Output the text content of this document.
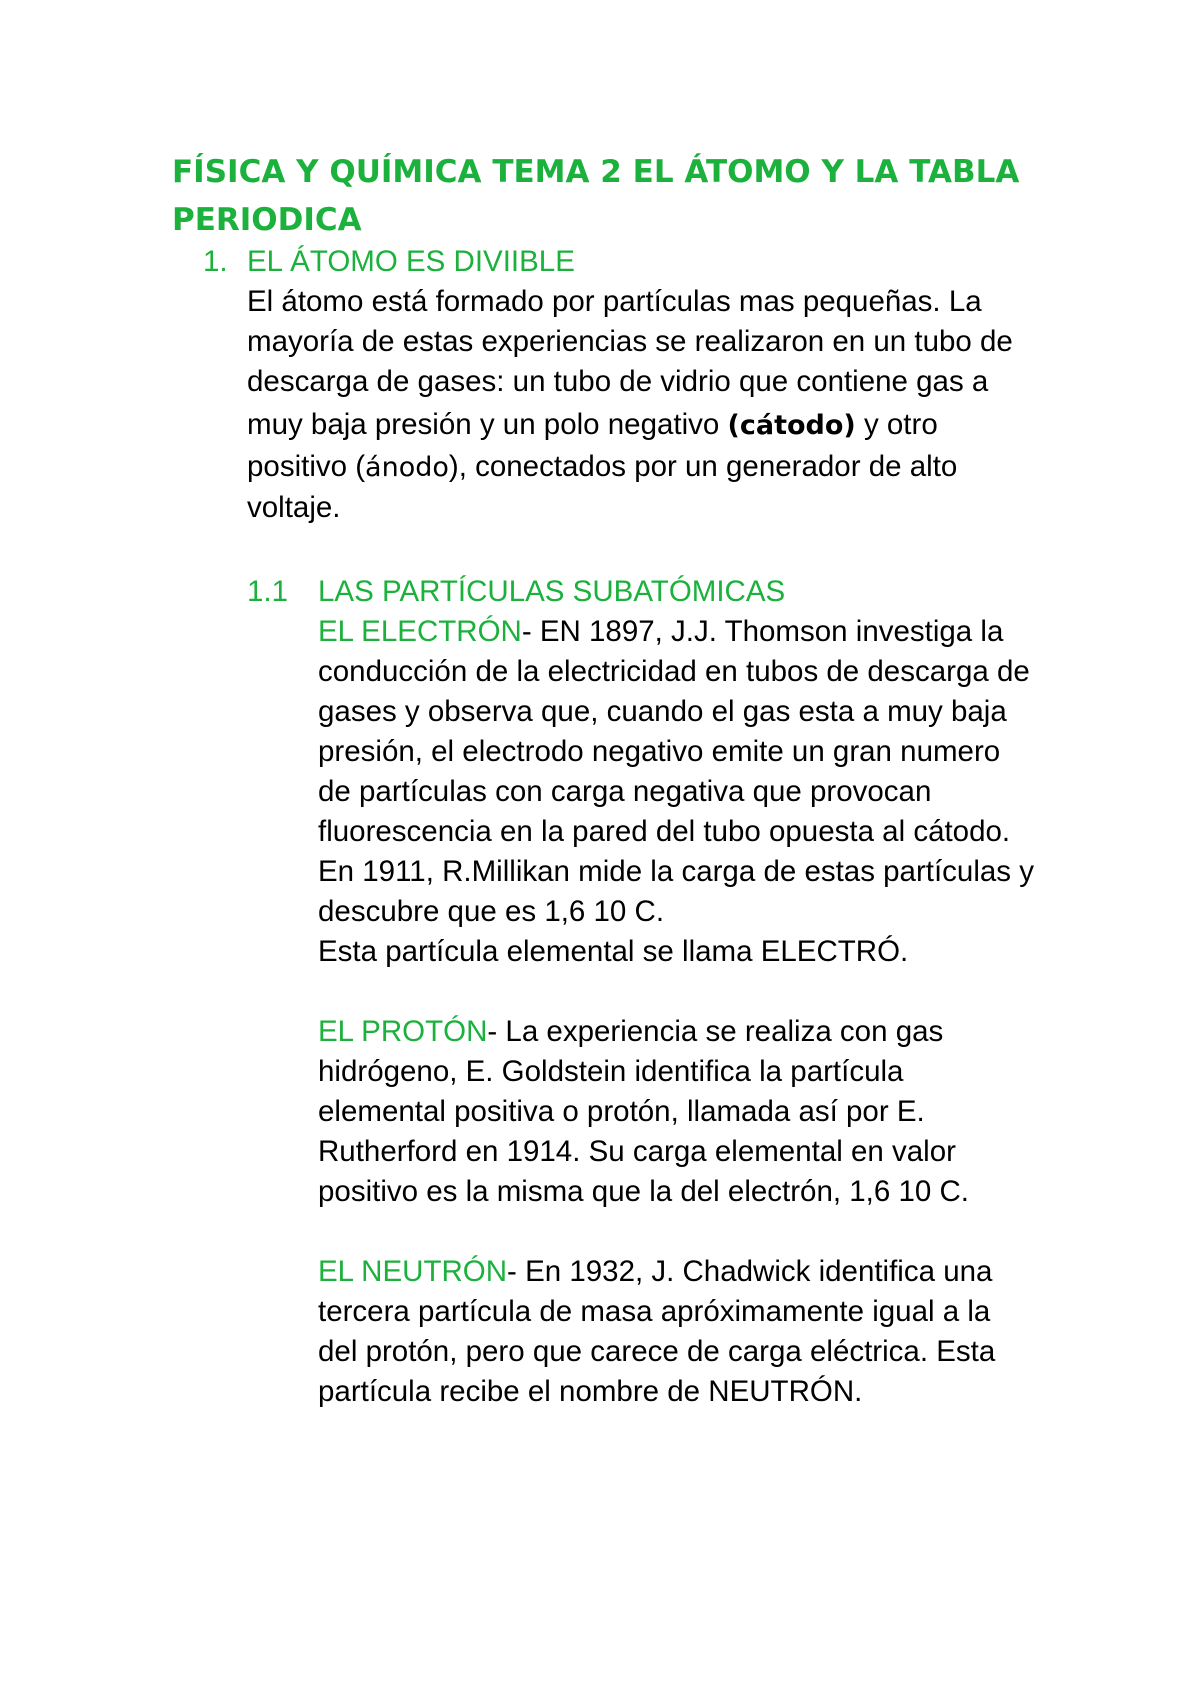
FÍSICA Y QUÍMICA TEMA 2 EL ÁTOMO Y LA TABLA PERIODICA
1. EL ÁTOMO ES DIVIIBLE
El átomo está formado por partículas mas pequeñas. La
mayoría de estas experiencias se realizaron en un tubo de
descarga de gases: un tubo de vidrio que contiene gas a
muy baja presión y un polo negativo (cátodo) y otro
positivo (ánodo), conectados por un generador de alto
voltaje.
1.1 LAS PARTÍCULAS SUBATÓMICAS
EL ELECTRÓN- EN 1897, J.J. Thomson investiga la
conducción de la electricidad en tubos de descarga de
gases y observa que, cuando el gas esta a muy baja
presión, el electrodo negativo emite un gran numero
de partículas con carga negativa que provocan
fluorescencia en la pared del tubo opuesta al cátodo.
En 1911, R.Millikan mide la carga de estas partículas y
descubre que es 1,6 10 C.
Esta partícula elemental se llama ELECTRÓ.
EL PROTÓN- La experiencia se realiza con gas
hidrógeno, E. Goldstein identifica la partícula
elemental positiva o protón, llamada así por E.
Rutherford en 1914. Su carga elemental en valor
positivo es la misma que la del electrón, 1,6 10 C.
EL NEUTRÓN- En 1932, J. Chadwick identifica una
tercera partícula de masa apróximamente igual a la
del protón, pero que carece de carga eléctrica. Esta
partícula recibe el nombre de NEUTRÓN.
